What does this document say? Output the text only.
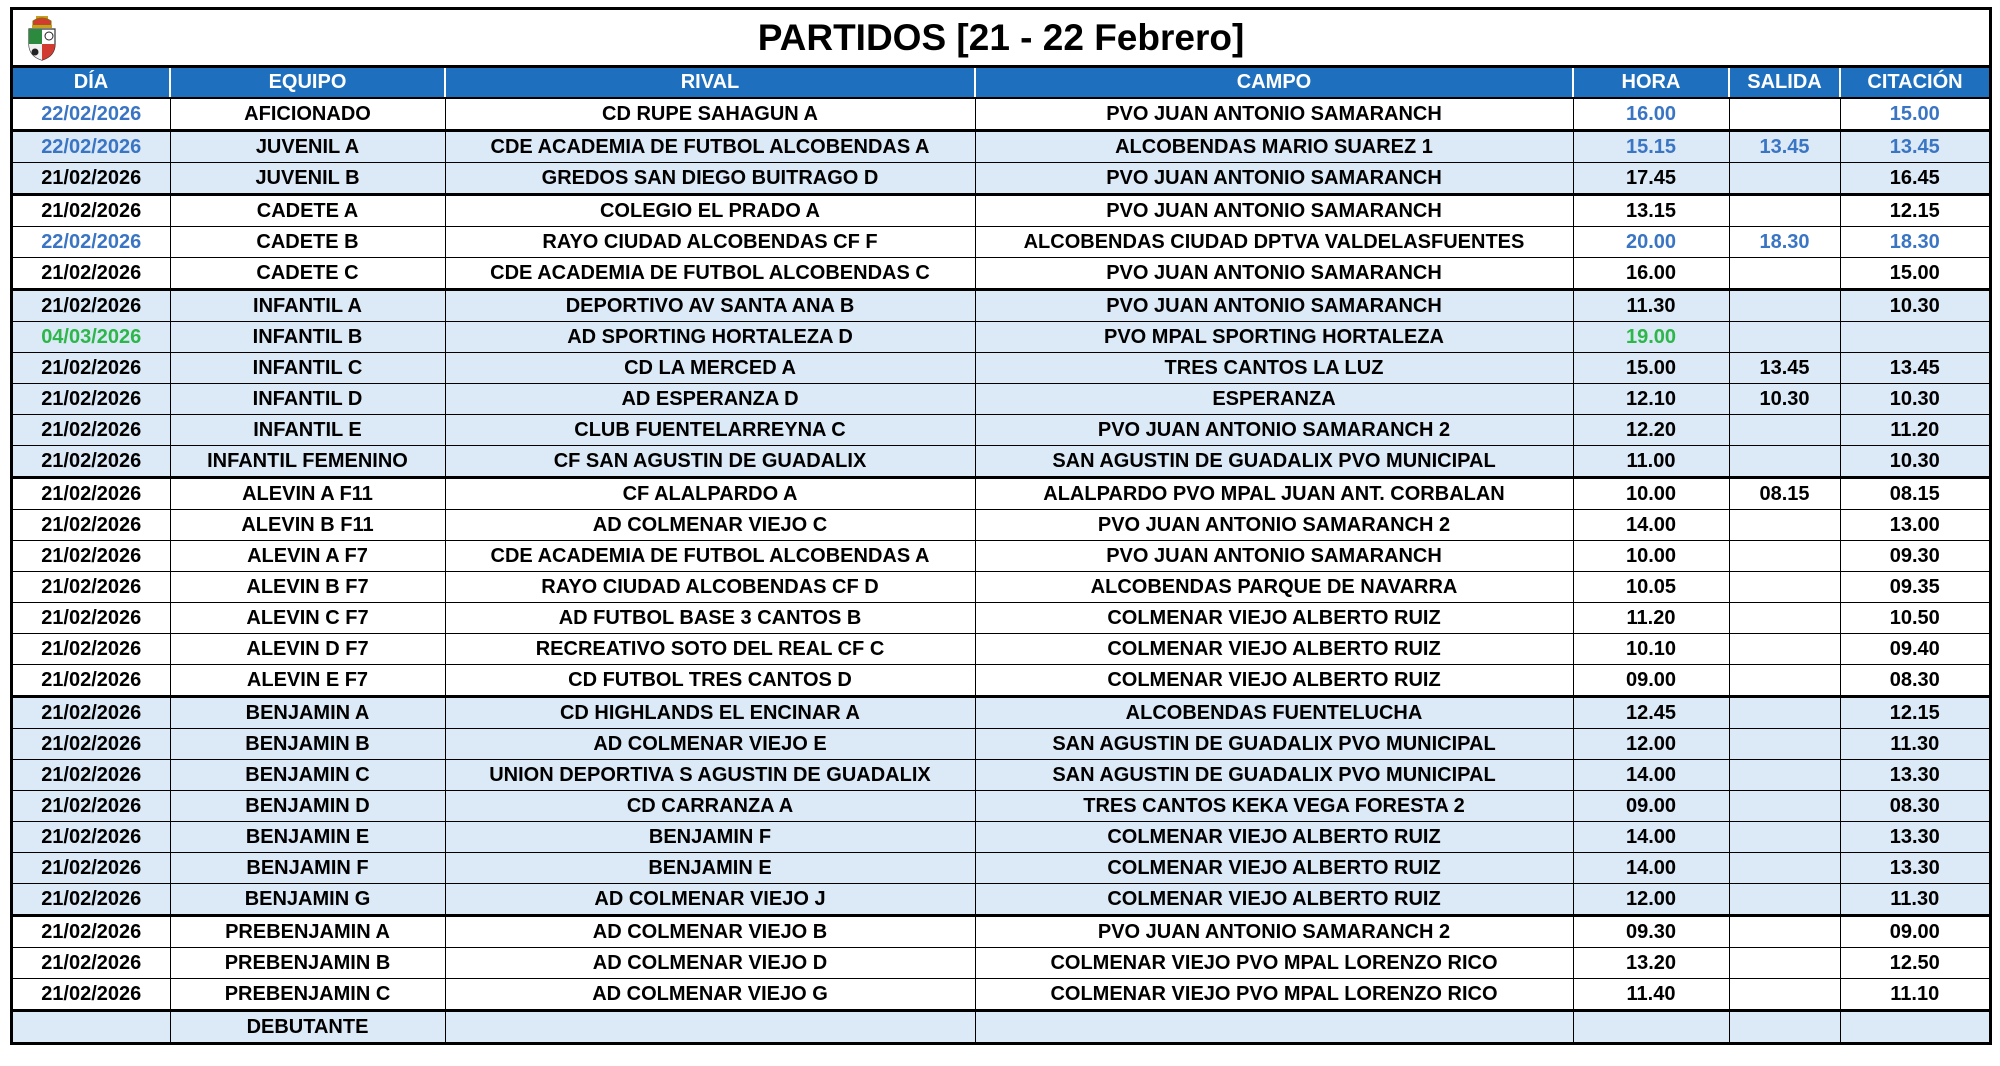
PARTIDOS [21 - 22 Febrero]
DÍA	EQUIPO	RIVAL	CAMPO	HORA	SALIDA	CITACIÓN
22/02/2026	AFICIONADO	CD RUPE SAHAGUN A	PVO JUAN ANTONIO SAMARANCH	16.00		15.00
22/02/2026	JUVENIL A	CDE ACADEMIA DE FUTBOL ALCOBENDAS A	ALCOBENDAS MARIO SUAREZ 1	15.15	13.45	13.45
21/02/2026	JUVENIL B	GREDOS SAN DIEGO BUITRAGO D	PVO JUAN ANTONIO SAMARANCH	17.45		16.45
21/02/2026	CADETE A	COLEGIO EL PRADO A	PVO JUAN ANTONIO SAMARANCH	13.15		12.15
22/02/2026	CADETE B	RAYO CIUDAD ALCOBENDAS CF F	ALCOBENDAS CIUDAD DPTVA VALDELASFUENTES	20.00	18.30	18.30
21/02/2026	CADETE C	CDE ACADEMIA DE FUTBOL ALCOBENDAS C	PVO JUAN ANTONIO SAMARANCH	16.00		15.00
21/02/2026	INFANTIL A	DEPORTIVO AV SANTA ANA B	PVO JUAN ANTONIO SAMARANCH	11.30		10.30
04/03/2026	INFANTIL B	AD SPORTING HORTALEZA D	PVO MPAL SPORTING HORTALEZA	19.00		
21/02/2026	INFANTIL C	CD LA MERCED A	TRES CANTOS LA LUZ	15.00	13.45	13.45
21/02/2026	INFANTIL D	AD ESPERANZA D	ESPERANZA	12.10	10.30	10.30
21/02/2026	INFANTIL E	CLUB FUENTELARREYNA C	PVO JUAN ANTONIO SAMARANCH 2	12.20		11.20
21/02/2026	INFANTIL FEMENINO	CF SAN AGUSTIN DE GUADALIX	SAN AGUSTIN DE GUADALIX PVO MUNICIPAL	11.00		10.30
21/02/2026	ALEVIN A F11	CF ALALPARDO A	ALALPARDO PVO MPAL JUAN ANT. CORBALAN	10.00	08.15	08.15
21/02/2026	ALEVIN B F11	AD COLMENAR VIEJO C	PVO JUAN ANTONIO SAMARANCH 2	14.00		13.00
21/02/2026	ALEVIN A F7	CDE ACADEMIA DE FUTBOL ALCOBENDAS A	PVO JUAN ANTONIO SAMARANCH	10.00		09.30
21/02/2026	ALEVIN B F7	RAYO CIUDAD ALCOBENDAS CF D	ALCOBENDAS PARQUE DE NAVARRA	10.05		09.35
21/02/2026	ALEVIN C F7	AD FUTBOL BASE 3 CANTOS B	COLMENAR VIEJO ALBERTO RUIZ	11.20		10.50
21/02/2026	ALEVIN D F7	RECREATIVO SOTO DEL REAL CF C	COLMENAR VIEJO ALBERTO RUIZ	10.10		09.40
21/02/2026	ALEVIN E F7	CD FUTBOL TRES CANTOS D	COLMENAR VIEJO ALBERTO RUIZ	09.00		08.30
21/02/2026	BENJAMIN A	CD HIGHLANDS EL ENCINAR A	ALCOBENDAS FUENTELUCHA	12.45		12.15
21/02/2026	BENJAMIN B	AD COLMENAR VIEJO E	SAN AGUSTIN DE GUADALIX PVO MUNICIPAL	12.00		11.30
21/02/2026	BENJAMIN C	UNION DEPORTIVA S AGUSTIN DE GUADALIX	SAN AGUSTIN DE GUADALIX PVO MUNICIPAL	14.00		13.30
21/02/2026	BENJAMIN D	CD CARRANZA A	TRES CANTOS KEKA VEGA FORESTA 2	09.00		08.30
21/02/2026	BENJAMIN E	BENJAMIN F	COLMENAR VIEJO ALBERTO RUIZ	14.00		13.30
21/02/2026	BENJAMIN F	BENJAMIN E	COLMENAR VIEJO ALBERTO RUIZ	14.00		13.30
21/02/2026	BENJAMIN G	AD COLMENAR VIEJO J	COLMENAR VIEJO ALBERTO RUIZ	12.00		11.30
21/02/2026	PREBENJAMIN A	AD COLMENAR VIEJO B	PVO JUAN ANTONIO SAMARANCH 2	09.30		09.00
21/02/2026	PREBENJAMIN B	AD COLMENAR VIEJO D	COLMENAR VIEJO PVO MPAL LORENZO RICO	13.20		12.50
21/02/2026	PREBENJAMIN C	AD COLMENAR VIEJO G	COLMENAR VIEJO PVO MPAL LORENZO RICO	11.40		11.10
	DEBUTANTE					
